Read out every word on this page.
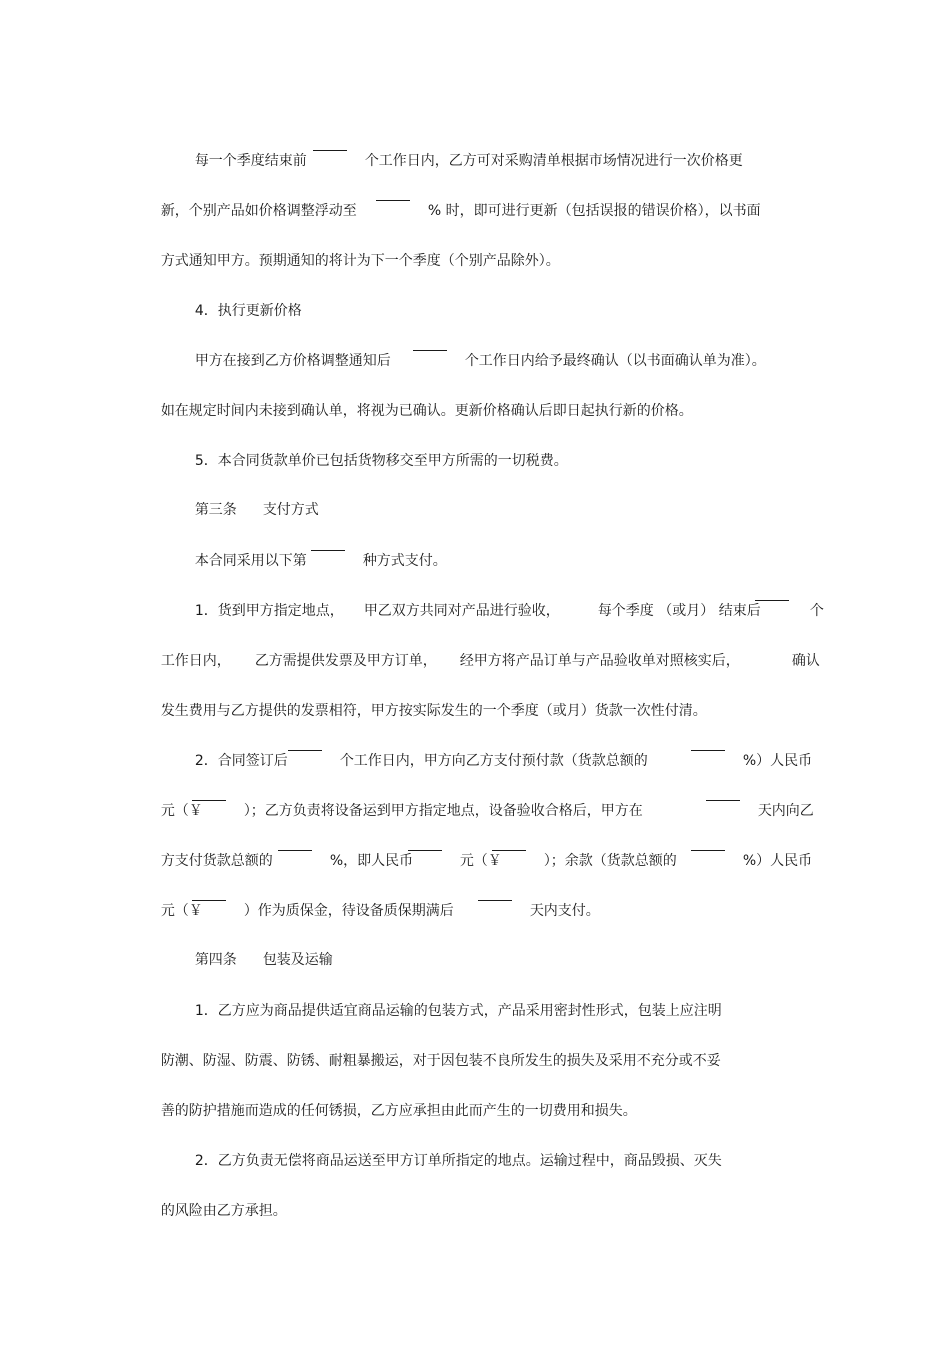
每一个季度结束前
	个工作日内，乙方可对采购清单根据市场情况进行一次价格更

新，个别产品如价格调整浮动至
	% 时，即可进行更新（包括误报的错误价格），以书面

方式通知甲方。预期通知的将计为下一个季度（个别产品除外）。

4．执行更新价格

甲方在接到乙方价格调整通知后
	个工作日内给予最终确认（以书面确认单为准）。

如在规定时间内未接到确认单，将视为已确认。更新价格确认后即日起执行新的价格。

5．本合同货款单价已包括货物移交至甲方所需的一切税费。

第三条
	支付方式

本合同采用以下第
	种方式支付。

1．货到甲方指定地点，
	甲乙双方共同对产品进行验收，
	每个季度 （或月） 结束后
	个

工作日内，
	乙方需提供发票及甲方订单，
	经甲方将产品订单与产品验收单对照核实后，
	确认

发生费用与乙方提供的发票相符，甲方按实际发生的一个季度（或月）货款一次性付清。

2．合同签订后
	个工作日内，甲方向乙方支付预付款（货款总额的
	%）人民币

元（￥
	）；乙方负责将设备运到甲方指定地点，设备验收合格后，甲方在
	天内向乙

方支付货款总额的
	%，即人民币
	元（￥
	）；余款（货款总额的
	%）人民币

元（￥
	）作为质保金，待设备质保期满后
	天内支付。

第四条
	包装及运输

1．乙方应为商品提供适宜商品运输的包装方式，产品采用密封性形式，包装上应注明

防潮、防湿、防震、防锈、耐粗暴搬运，对于因包装不良所发生的损失及采用不充分或不妥

善的防护措施而造成的任何锈损，乙方应承担由此而产生的一切费用和损失。

2．乙方负责无偿将商品运送至甲方订单所指定的地点。运输过程中，商品毁损、灭失

的风险由乙方承担。
